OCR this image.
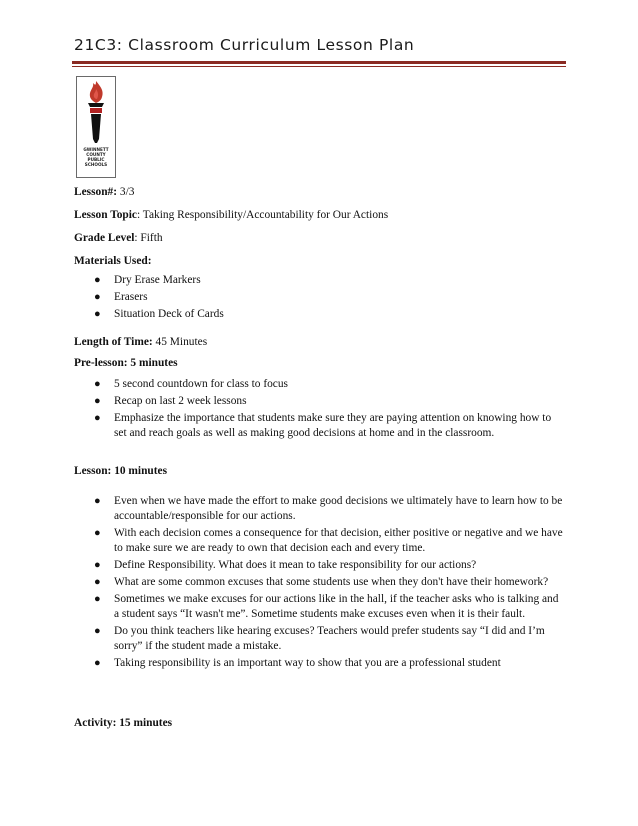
21C3: Classroom Curriculum Lesson Plan
GWINNETT
COUNTY
PUBLIC
SCHOOLS
Lesson#: 3/3
Lesson Topic: Taking Responsibility/Accountability for Our Actions
Grade Level: Fifth
Materials Used:
● Dry Erase Markers
● Erasers
● Situation Deck of Cards
Length of Time: 45 Minutes
Pre-lesson: 5 minutes
● 5 second countdown for class to focus
● Recap on last 2 week lessons
● Emphasize the importance that students make sure they are paying attention on knowing how to set and reach goals as well as making good decisions at home and in the classroom.
Lesson: 10 minutes
● Even when we have made the effort to make good decisions we ultimately have to learn how to be accountable/responsible for our actions.
● With each decision comes a consequence for that decision, either positive or negative and we have to make sure we are ready to own that decision each and every time.
● Define Responsibility. What does it mean to take responsibility for our actions?
● What are some common excuses that some students use when they don't have their homework?
● Sometimes we make excuses for our actions like in the hall, if the teacher asks who is talking and a student says “It wasn't me”. Sometime students make excuses even when it is their fault.
● Do you think teachers like hearing excuses? Teachers would prefer students say “I did and I’m sorry” if the student made a mistake.
● Taking responsibility is an important way to show that you are a professional student
Activity: 15 minutes
